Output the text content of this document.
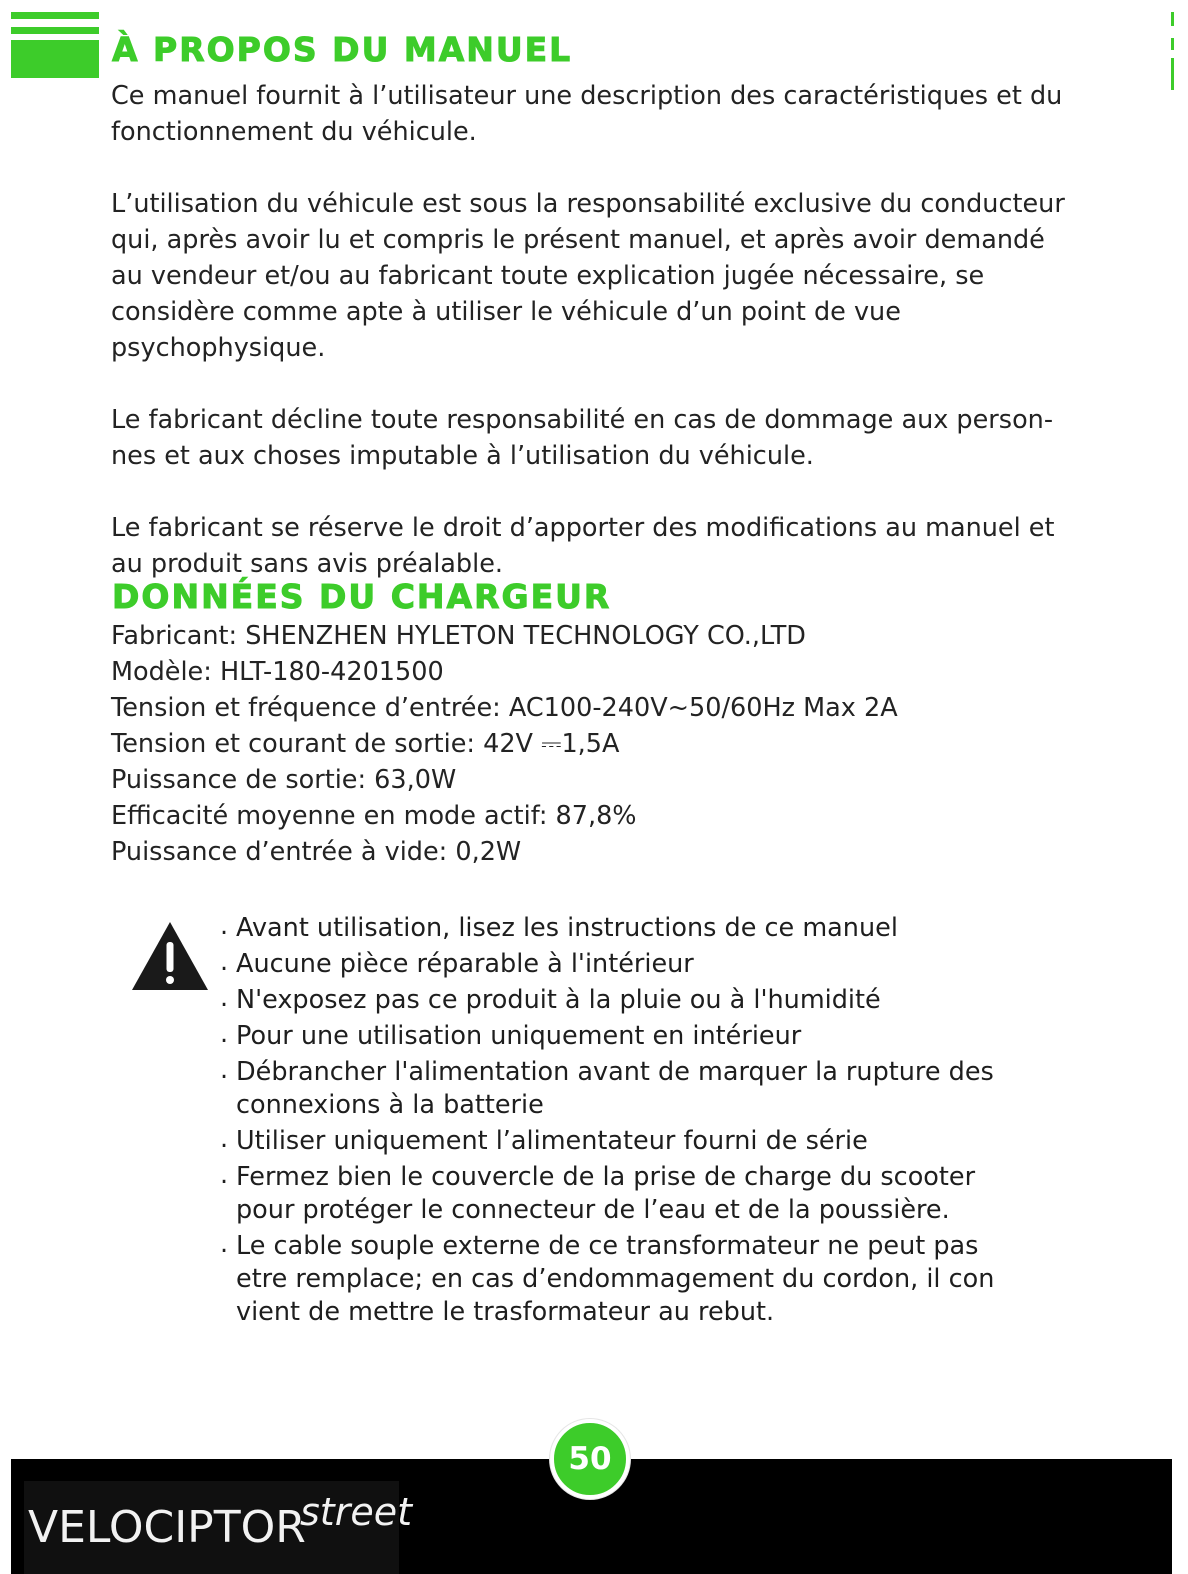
À PROPOS DU MANUEL

Ce manuel fournit à l’utilisateur une description des caractéristiques et du fonctionnement du véhicule.

L’utilisation du véhicule est sous la responsabilité exclusive du conducteur qui, après avoir lu et compris le présent manuel, et après avoir demandé au vendeur et/ou au fabricant toute explication jugée nécessaire, se considère comme apte à utiliser le véhicule d’un point de vue psychophysique.

Le fabricant décline toute responsabilité en cas de dommage aux person-nes et aux choses imputable à l’utilisation du véhicule.

Le fabricant se réserve le droit d’apporter des modifications au manuel et au produit sans avis préalable.

DONNÉES DU CHARGEUR
Fabricant: SHENZHEN HYLETON TECHNOLOGY CO.,LTD
Modèle: HLT-180-4201500
Tension et fréquence d’entrée: AC100-240V~50/60Hz Max 2A
Tension et courant de sortie: 42V ⎓1,5A
Puissance de sortie: 63,0W
Efficacité moyenne en mode actif: 87,8%
Puissance d’entrée à vide: 0,2W
. Avant utilisation, lisez les instructions de ce manuel
. Aucune pièce réparable à l'intérieur
. N'exposez pas ce produit à la pluie ou à l'humidité
. Pour une utilisation uniquement en intérieur
. Débrancher l'alimentation avant de marquer la rupture des connexions à la batterie
. Utiliser uniquement l’alimentateur fourni de série
. Fermez bien le couvercle de la prise de charge du scooter pour protéger le connecteur de l’eau et de la poussière.
. Le cable souple externe de ce transformateur ne peut pas etre remplace; en cas d’endommagement du cordon, il con vient de mettre le trasformateur au rebut.
VELOCIPTOR
street
50
